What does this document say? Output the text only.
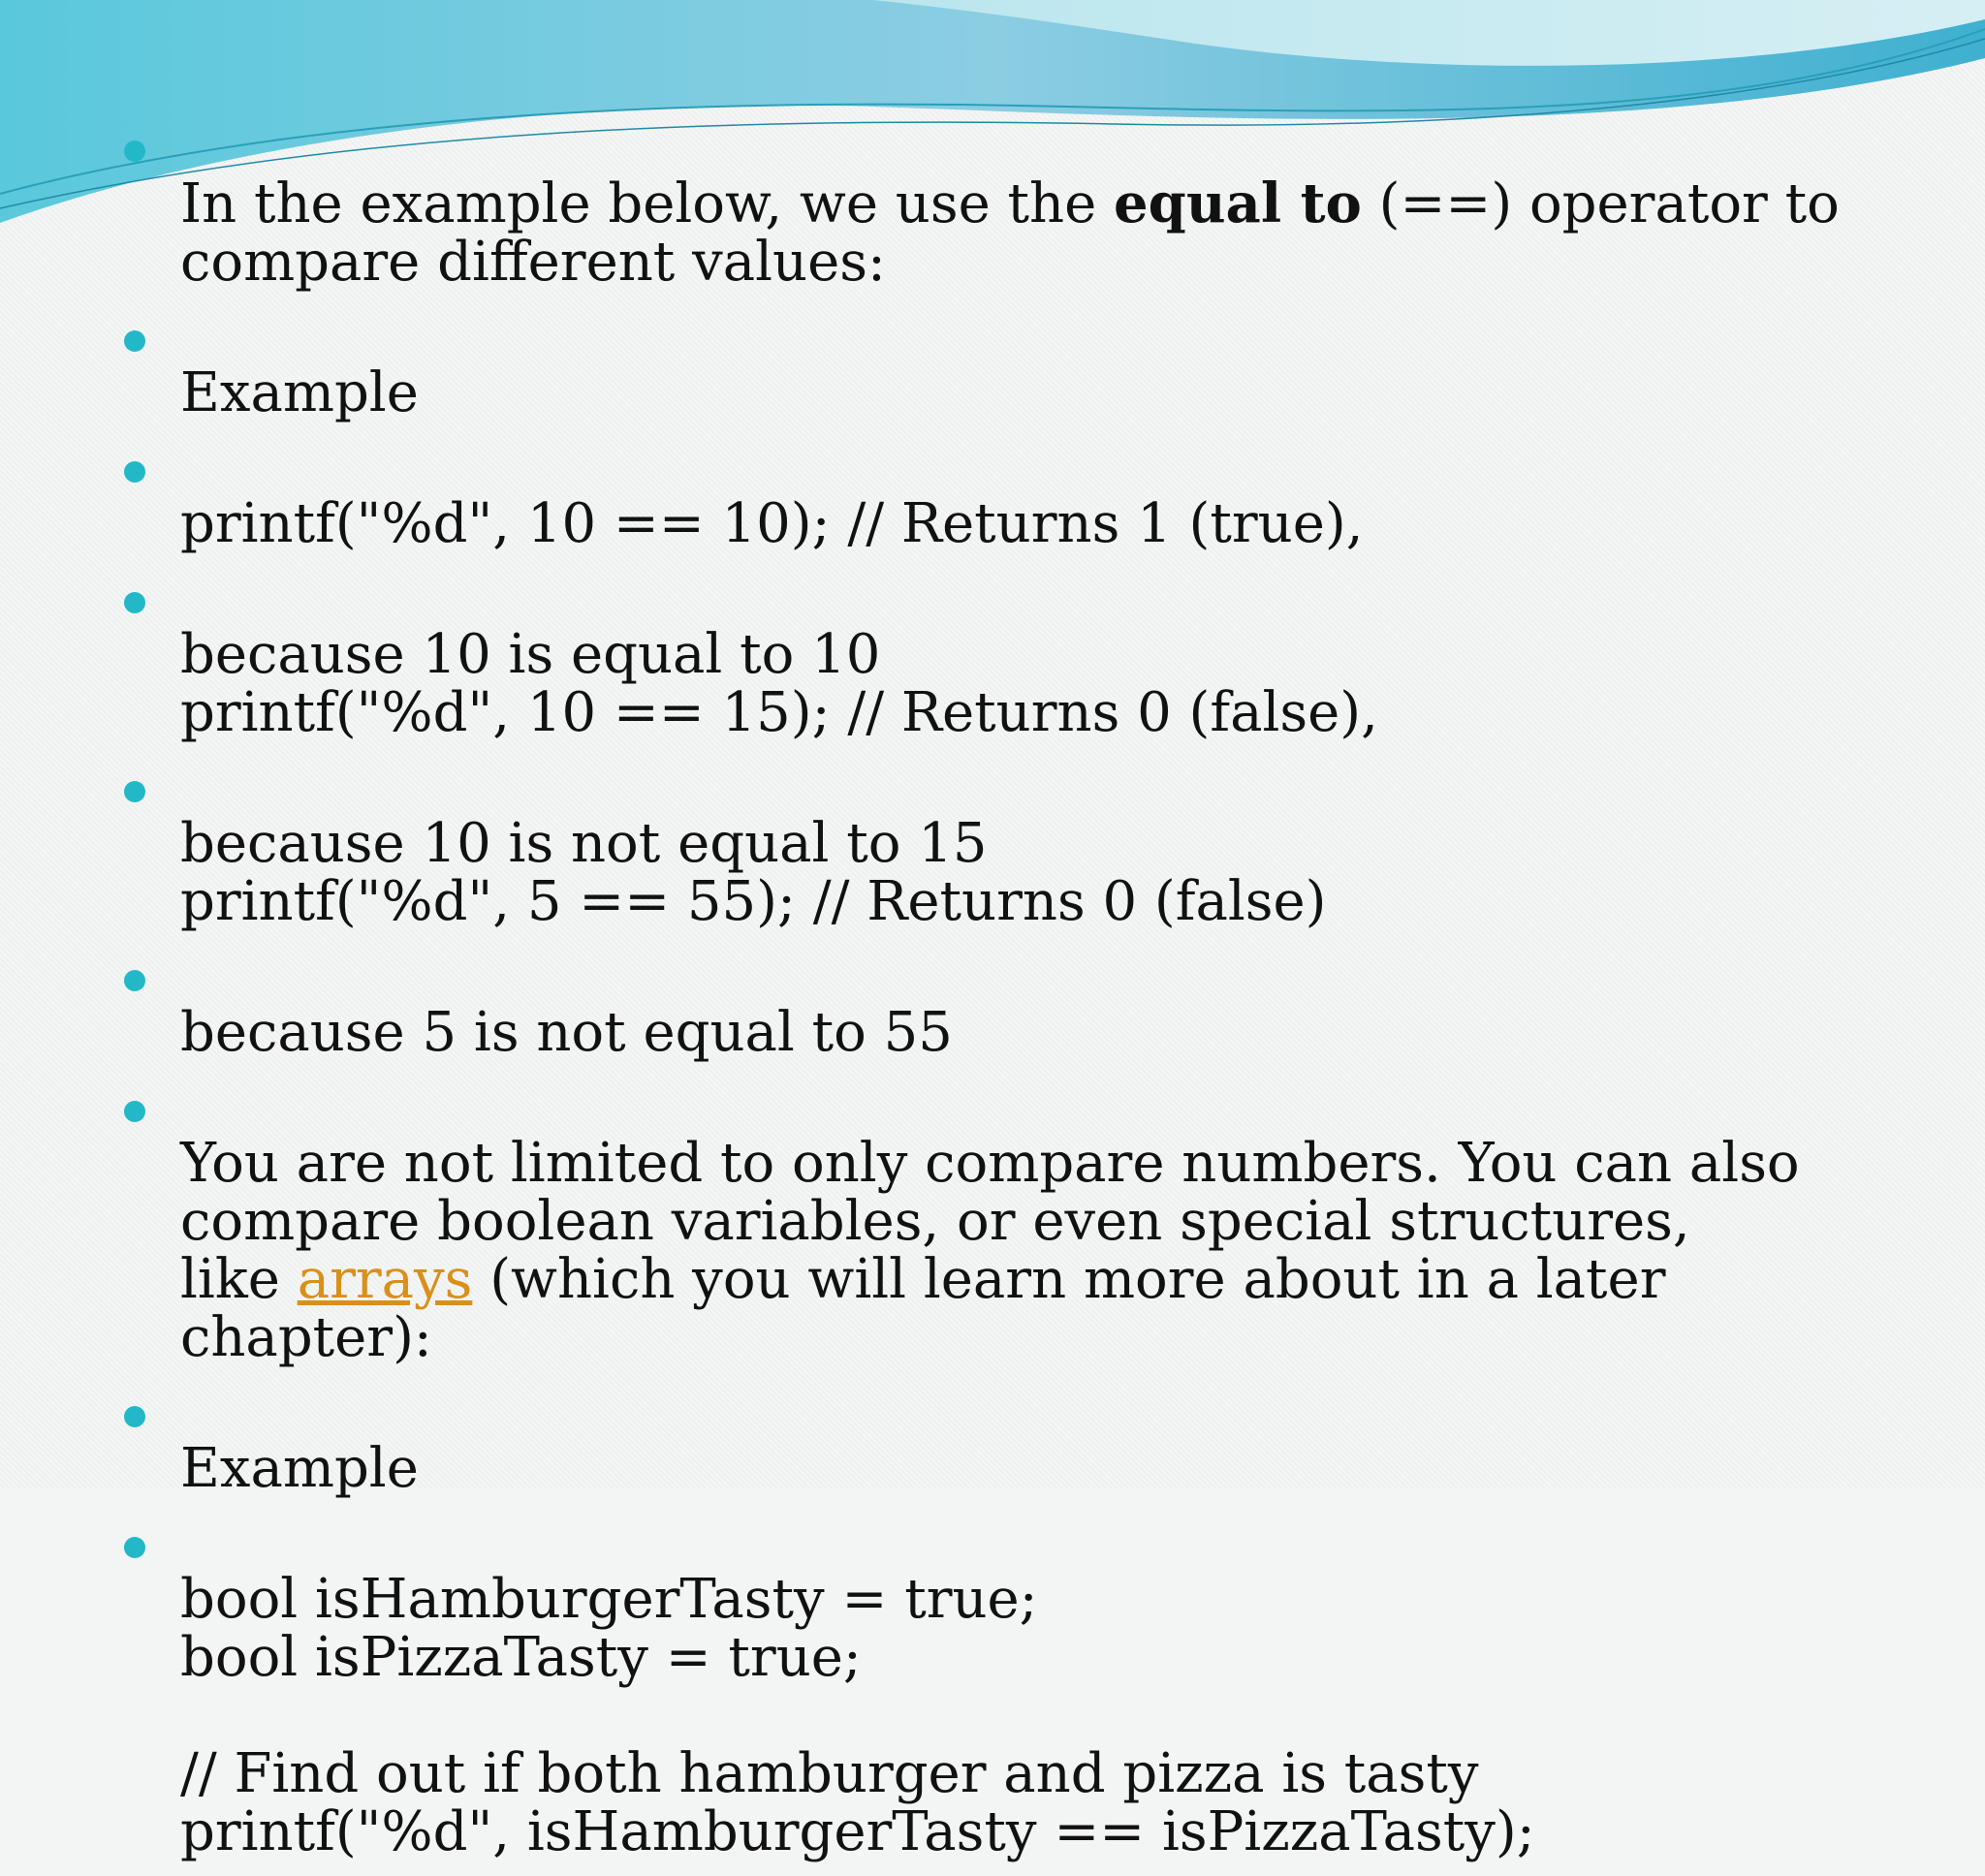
In the example below, we use the equal to (==) operator to
compare different values:

Example

printf("%d", 10 == 10); // Returns 1 (true),

because 10 is equal to 10
printf("%d", 10 == 15); // Returns 0 (false),

because 10 is not equal to 15
printf("%d", 5 == 55); // Returns 0 (false)

because 5 is not equal to 55

You are not limited to only compare numbers. You can also
compare boolean variables, or even special structures,
like arrays (which you will learn more about in a later chapter):

Example

bool isHamburgerTasty = true;
bool isPizzaTasty = true;

// Find out if both hamburger and pizza is tasty
printf("%d", isHamburgerTasty == isPizzaTasty);
